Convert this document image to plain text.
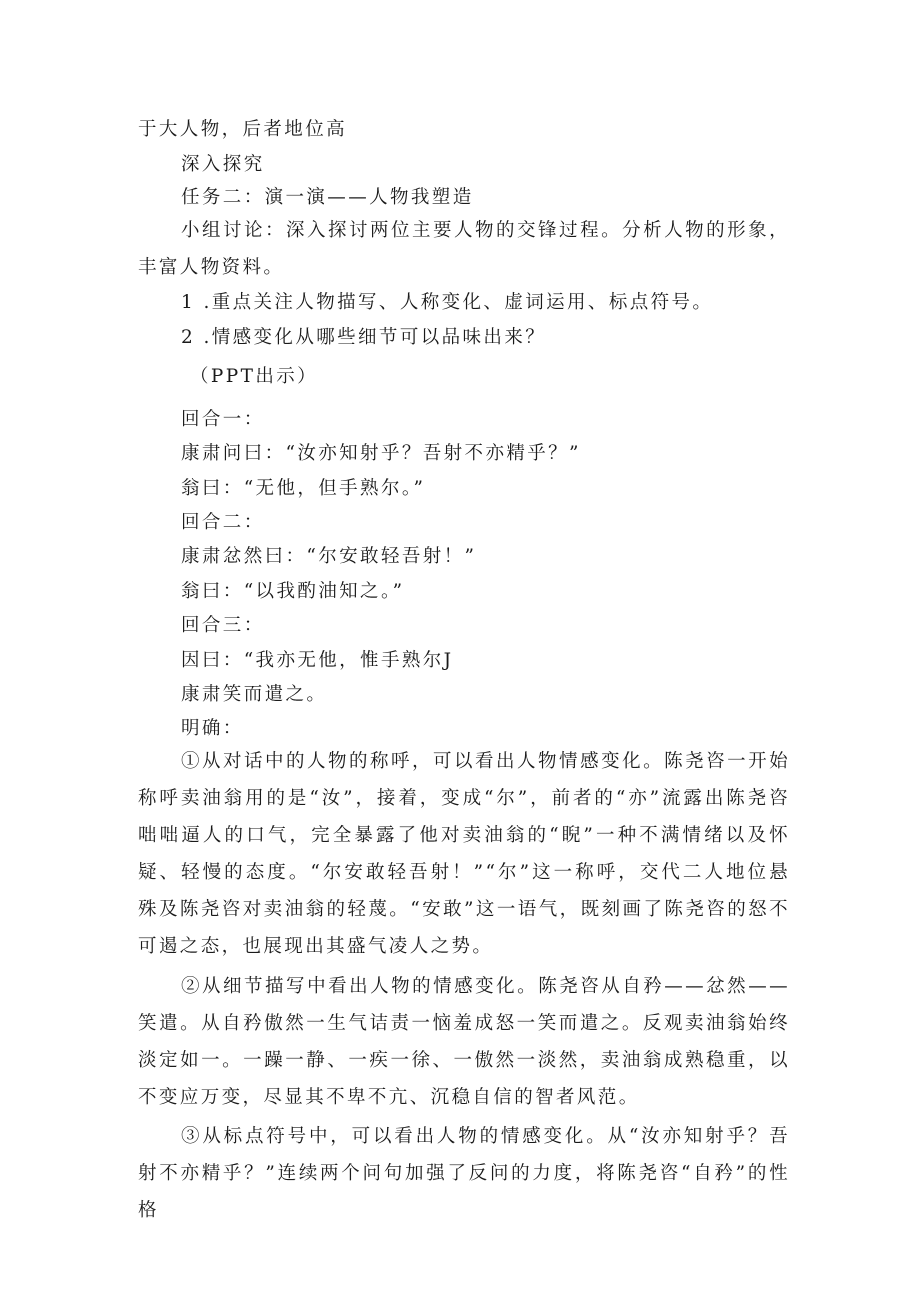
于大人物，后者地位高
深入探究
任务二：演一演——人物我塑造
小组讨论：深入探讨两位主要人物的交锋过程。分析人物的形象，丰富人物资料。
1 .重点关注人物描写、人称变化、虚词运用、标点符号。
2 .情感变化从哪些细节可以品味出来？
（PPT出示）
回合一：
康肃问曰：“汝亦知射乎？吾射不亦精乎？”
翁曰：“无他，但手熟尔。”
回合二：
康肃忿然曰：“尔安敢轻吾射！”
翁曰：“以我酌油知之。”
回合三：
因曰：“我亦无他，惟手熟尔J
康肃笑而遣之。
明确：
①从对话中的人物的称呼，可以看出人物情感变化。陈尧咨一开始称呼卖油翁用的是“汝”，接着，变成“尔”，前者的“亦”流露出陈尧咨咄咄逼人的口气，完全暴露了他对卖油翁的“睨”一种不满情绪以及怀疑、轻慢的态度。“尔安敢轻吾射！”“尔”这一称呼，交代二人地位悬殊及陈尧咨对卖油翁的轻蔑。“安敢”这一语气，既刻画了陈尧咨的怒不可遏之态，也展现出其盛气凌人之势。
②从细节描写中看出人物的情感变化。陈尧咨从自矜——忿然——笑遣。从自矜傲然一生气诘责一恼羞成怒一笑而遣之。反观卖油翁始终淡定如一。一躁一静、一疾一徐、一傲然一淡然，卖油翁成熟稳重，以不变应万变，尽显其不卑不亢、沉稳自信的智者风范。
③从标点符号中，可以看出人物的情感变化。从“汝亦知射乎？吾射不亦精乎？”连续两个问句加强了反问的力度，将陈尧咨“自矜”的性格
